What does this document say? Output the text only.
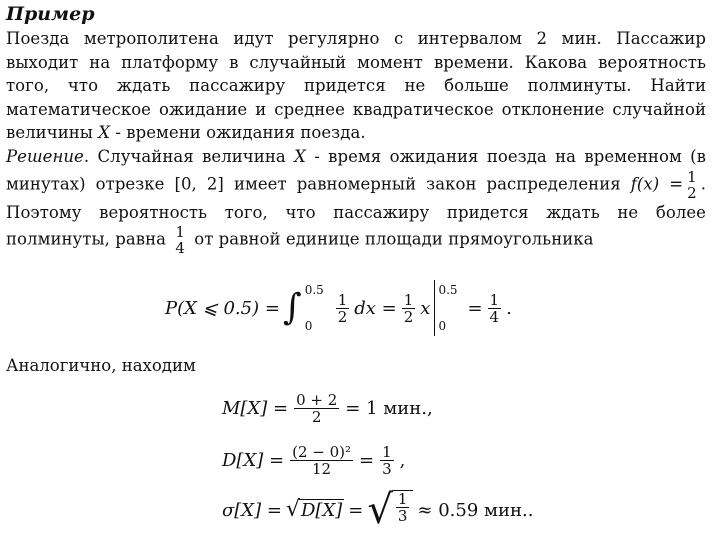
Пример
Поезда метрополитена идут регулярно с интервалом 2 мин. Пассажир выходит на платформу в случайный момент времени. Какова вероятность того, что ждать пассажиру придется не больше полминуты. Найти математическое ожидание и среднее квадратическое отклонение случайной величины X - времени ожидания поезда.
Решение. Случайная величина X - время ожидания поезда на временном (в минутах) отрезке [0, 2] имеет равномерный закон распределения f(x) = 1
2 . Поэтому вероятность того, что пассажиру придется ждать не более полминуты, равна 1
4 от равной единице площади прямоугольника
P(X ⩽ 0.5) = ∫ 0.5
0
$\frac{1}{2}$ dx = $\frac{1}{2}$ x
0.5
0
= $\frac{1}{4}$ .
Аналогично, находим
$M[X] = \frac{0 + 2}{2} = 1$ мин.,
$D[X] = \frac{\text{(2 − 0)²}}{12} = \frac{1}{3}$ ,
σ[X] = √ D[X] = √ $\frac{1}{3} \approx 0.59$ мин..
